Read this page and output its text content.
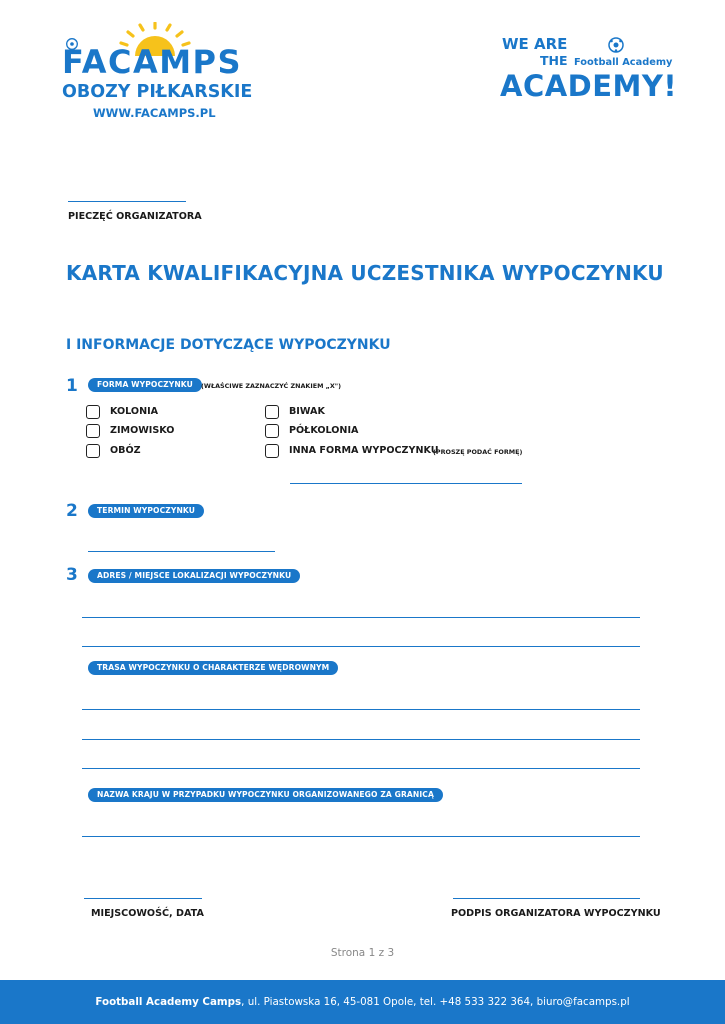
FACAMPS
OBOZY PIŁKARSKIE
WWW.FACAMPS.PL
WE ARE
THE Football Academy
ACADEMY!
PIECZĘĆ ORGANIZATORA
KARTA KWALIFIKACYJNA UCZESTNIKA WYPOCZYNKU
I INFORMACJE DOTYCZĄCE WYPOCZYNKU
1	FORMA WYPOCZYNKU	(WŁAŚCIWE ZAZNACZYĆ ZNAKIEM „X")
KOLONIA
ZIMOWISKO
OBÓZ
BIWAK
PÓŁKOLONIA
INNA FORMA WYPOCZYNKU
(PROSZĘ PODAĆ FORMĘ)
2	TERMIN WYPOCZYNKU
3	ADRES / MIEJSCE LOKALIZACJI WYPOCZYNKU
TRASA WYPOCZYNKU O CHARAKTERZE WĘDROWNYM
NAZWA KRAJU W PRZYPADKU WYPOCZYNKU ORGANIZOWANEGO ZA GRANICĄ
MIEJSCOWOŚĆ, DATA	PODPIS ORGANIZATORA WYPOCZYNKU
Strona 1 z 3
Football Academy Camps, ul. Piastowska 16, 45-081 Opole, tel. +48 533 322 364, biuro@facamps.pl
